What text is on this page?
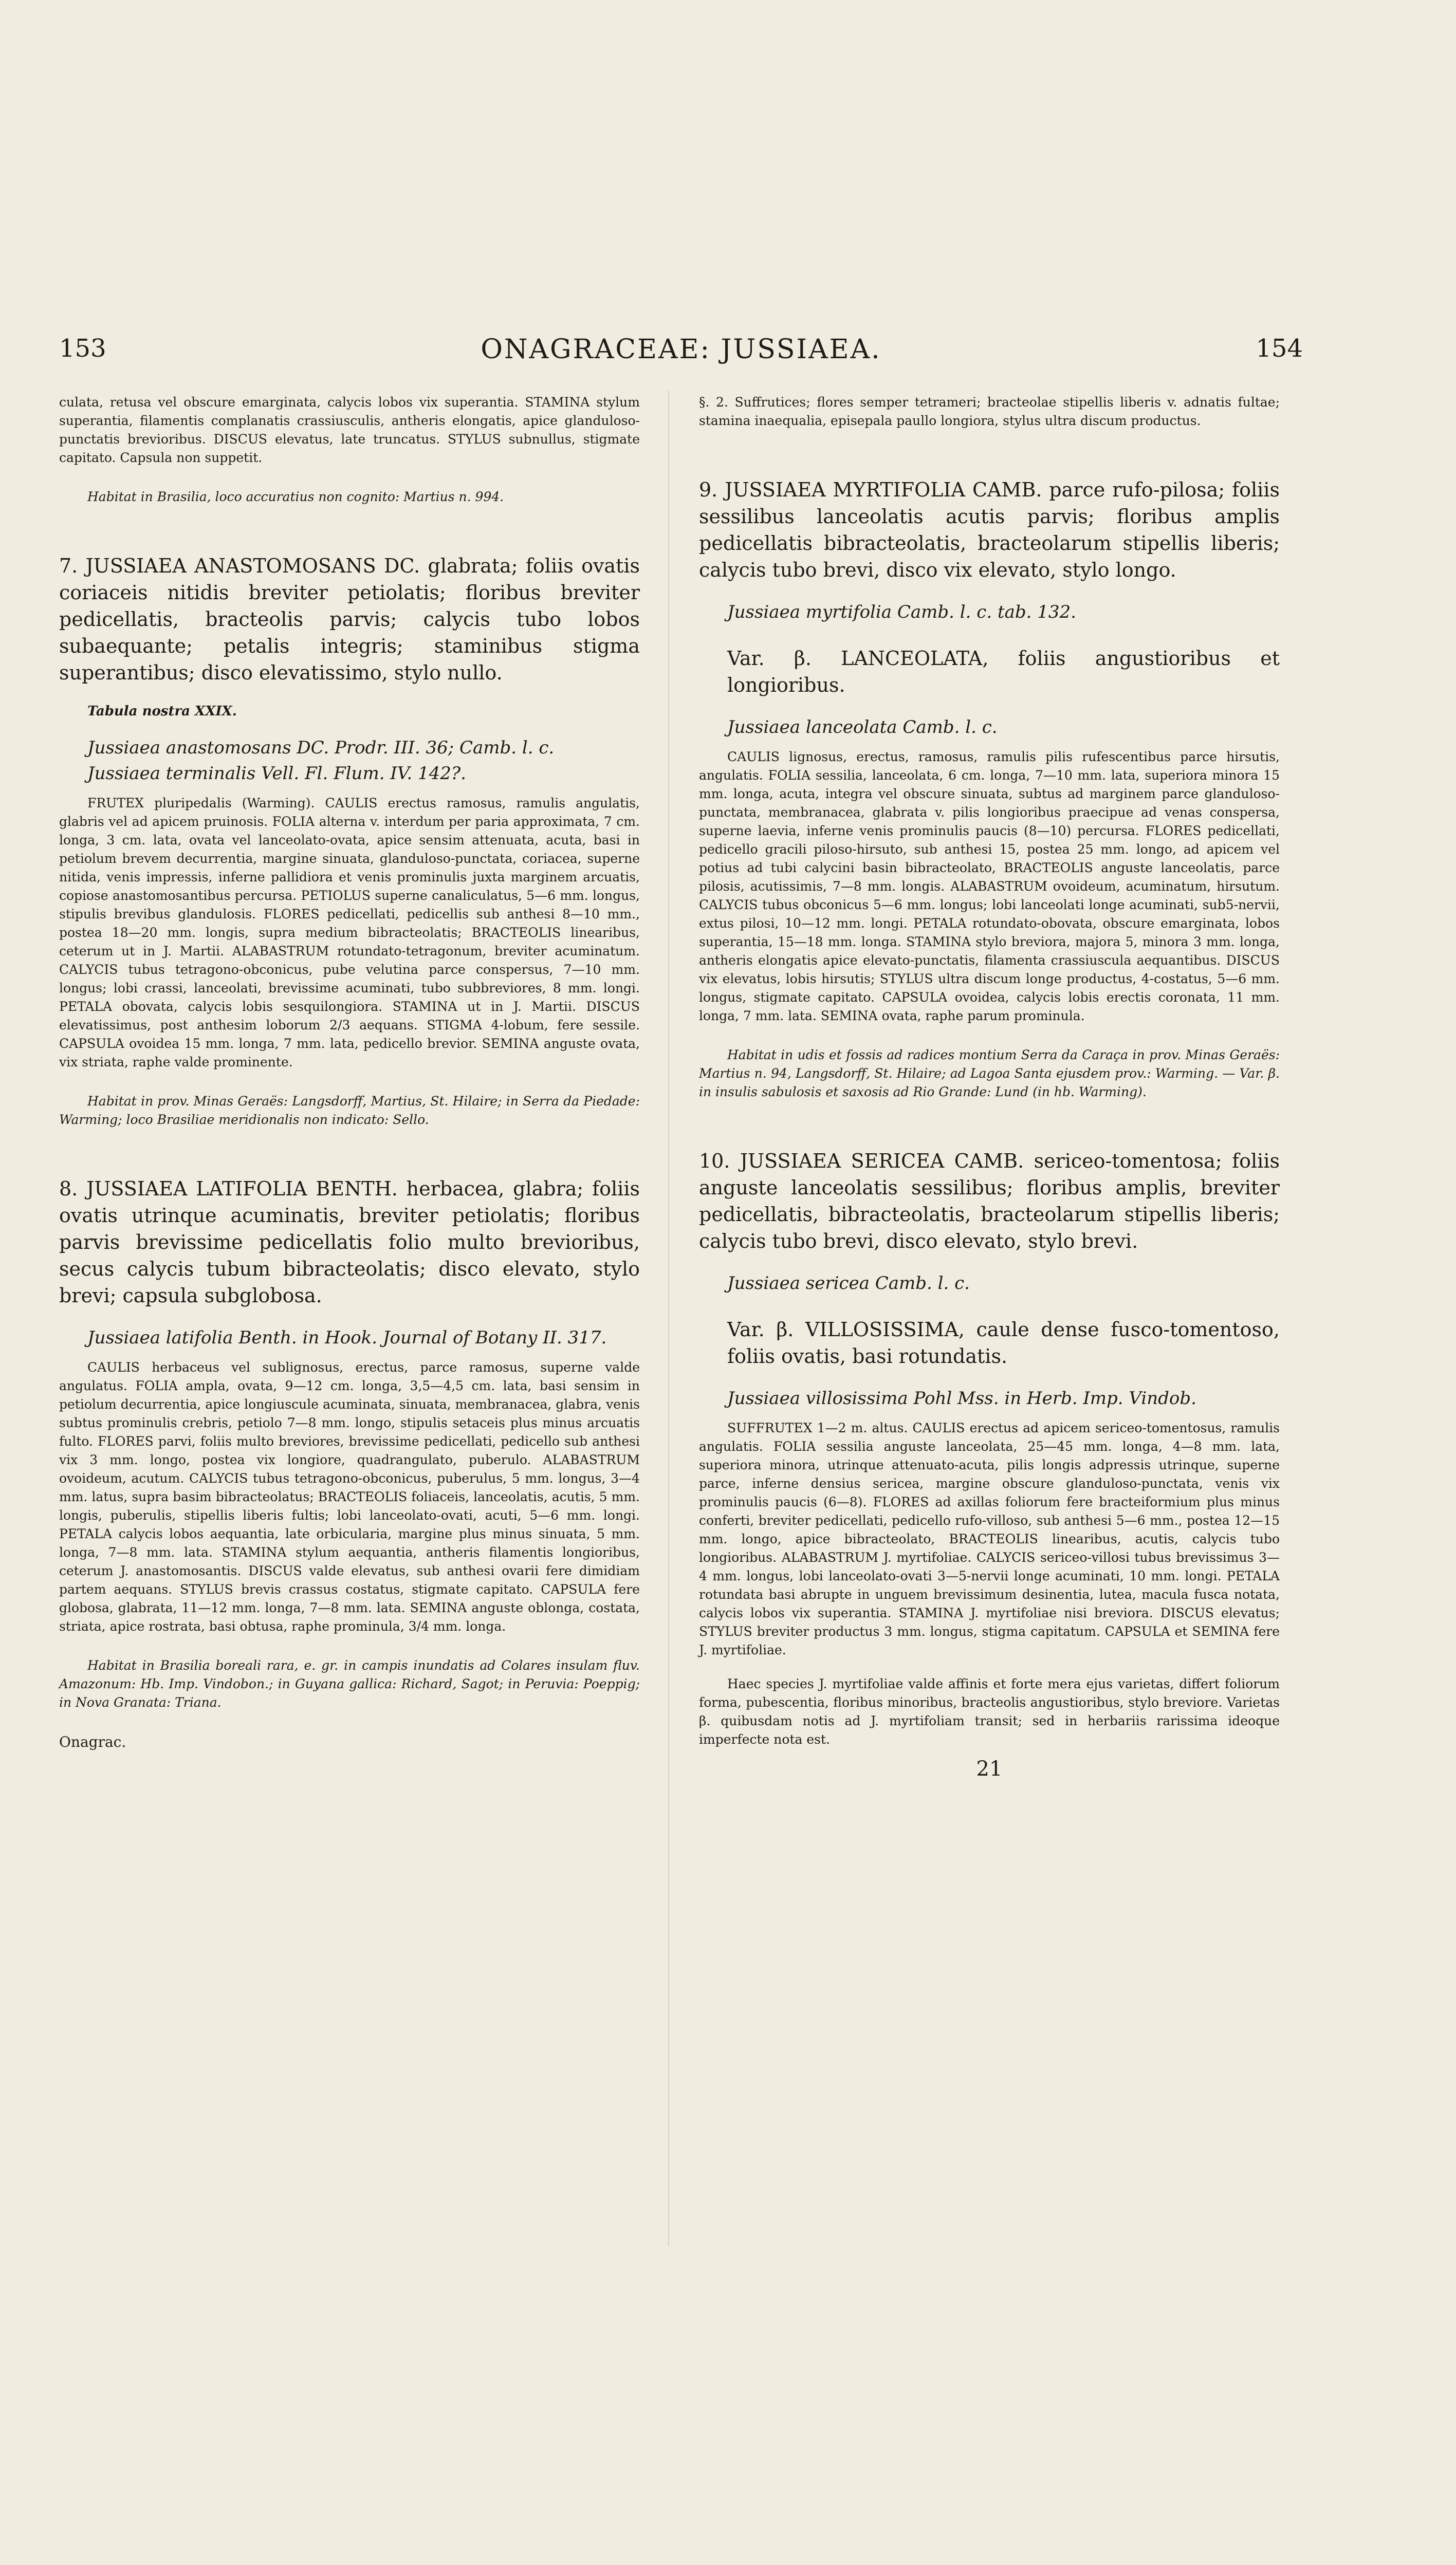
153	ONAGRACEAE: JUSSIAEA.	154

culata, retusa vel obscure emarginata, calycis lobos vix superantia. STAMINA stylum superantia, filamentis complanatis crassiusculis, antheris elongatis, apice glanduloso-punctatis brevioribus. DISCUS elevatus, late truncatus. STYLUS subnullus, stigmate capitato. Capsula non suppetit.

Habitat in Brasilia, loco accuratius non cognito: Martius n. 994.

7. JUSSIAEA ANASTOMOSANS DC. glabrata; foliis ovatis coriaceis nitidis breviter petiolatis; floribus breviter pedicellatis, bracteolis parvis; calycis tubo lobos subaequante; petalis integris; staminibus stigma superantibus; disco elevatissimo, stylo nullo.

Tabula nostra XXIX.

Jussiaea anastomosans DC. Prodr. III. 36; Camb. l. c.

Jussiaea terminalis Vell. Fl. Flum. IV. 142?.

FRUTEX pluripedalis (Warming). CAULIS erectus ramosus, ramulis angulatis, glabris vel ad apicem pruinosis. FOLIA alterna v. interdum per paria approximata, 7 cm. longa, 3 cm. lata, ovata vel lanceolato-ovata, apice sensim attenuata, acuta, basi in petiolum brevem decurrentia, margine sinuata, glanduloso-punctata, coriacea, superne nitida, venis impressis, inferne pallidiora et venis prominulis juxta marginem arcuatis, copiose anastomosantibus percursa. PETIOLUS superne canaliculatus, 5—6 mm. longus, stipulis brevibus glandulosis. FLORES pedicellati, pedicellis sub anthesi 8—10 mm., postea 18—20 mm. longis, supra medium bibracteolatis; BRACTEOLIS linearibus, ceterum ut in J. Martii. ALABASTRUM rotundato-tetragonum, breviter acuminatum. CALYCIS tubus tetragono-obconicus, pube velutina parce conspersus, 7—10 mm. longus; lobi crassi, lanceolati, brevissime acuminati, tubo subbreviores, 8 mm. longi. PETALA obovata, calycis lobis sesquilongiora. STAMINA ut in J. Martii. DISCUS elevatissimus, post anthesim loborum 2/3 aequans. STIGMA 4-lobum, fere sessile. CAPSULA ovoidea 15 mm. longa, 7 mm. lata, pedicello brevior. SEMINA anguste ovata, vix striata, raphe valde prominente.

Habitat in prov. Minas Geraës: Langsdorff, Martius, St. Hilaire; in Serra da Piedade: Warming; loco Brasiliae meridionalis non indicato: Sello.

8. JUSSIAEA LATIFOLIA BENTH. herbacea, glabra; foliis ovatis utrinque acuminatis, breviter petiolatis; floribus parvis brevissime pedicellatis folio multo brevioribus, secus calycis tubum bibracteolatis; disco elevato, stylo brevi; capsula subglobosa.

Jussiaea latifolia Benth. in Hook. Journal of Botany II. 317.

CAULIS herbaceus vel sublignosus, erectus, parce ramosus, superne valde angulatus. FOLIA ampla, ovata, 9—12 cm. longa, 3,5—4,5 cm. lata, basi sensim in petiolum decurrentia, apice longiuscule acuminata, sinuata, membranacea, glabra, venis subtus prominulis crebris, petiolo 7—8 mm. longo, stipulis setaceis plus minus arcuatis fulto. FLORES parvi, foliis multo breviores, brevissime pedicellati, pedicello sub anthesi vix 3 mm. longo, postea vix longiore, quadrangulato, puberulo. ALABASTRUM ovoideum, acutum. CALYCIS tubus tetragono-obconicus, puberulus, 5 mm. longus, 3—4 mm. latus, supra basim bibracteolatus; BRACTEOLIS foliaceis, lanceolatis, acutis, 5 mm. longis, puberulis, stipellis liberis fultis; lobi lanceolato-ovati, acuti, 5—6 mm. longi. PETALA calycis lobos aequantia, late orbicularia, margine plus minus sinuata, 5 mm. longa, 7—8 mm. lata. STAMINA stylum aequantia, antheris filamentis longioribus, ceterum J. anastomosantis. DISCUS valde elevatus, sub anthesi ovarii fere dimidiam partem aequans. STYLUS brevis crassus costatus, stigmate capitato. CAPSULA fere globosa, glabrata, 11—12 mm. longa, 7—8 mm. lata. SEMINA anguste oblonga, costata, striata, apice rostrata, basi obtusa, raphe prominula, 3/4 mm. longa.

Habitat in Brasilia boreali rara, e. gr. in campis inundatis ad Colares insulam fluv. Amazonum: Hb. Imp. Vindobon.; in Guyana gallica: Richard, Sagot; in Peruvia: Poeppig; in Nova Granata: Triana.

Onagrac.

§. 2. Suffrutices; flores semper tetrameri; bracteolae stipellis liberis v. adnatis fultae; stamina inaequalia, episepala paullo longiora, stylus ultra discum productus.

9. JUSSIAEA MYRTIFOLIA CAMB. parce rufo-pilosa; foliis sessilibus lanceolatis acutis parvis; floribus amplis pedicellatis bibracteolatis, bracteolarum stipellis liberis; calycis tubo brevi, disco vix elevato, stylo longo.

Jussiaea myrtifolia Camb. l. c. tab. 132.

Var. β. LANCEOLATA, foliis angustioribus et longioribus.

Jussiaea lanceolata Camb. l. c.

CAULIS lignosus, erectus, ramosus, ramulis pilis rufescentibus parce hirsutis, angulatis. FOLIA sessilia, lanceolata, 6 cm. longa, 7—10 mm. lata, superiora minora 15 mm. longa, acuta, integra vel obscure sinuata, subtus ad marginem parce glanduloso-punctata, membranacea, glabrata v. pilis longioribus praecipue ad venas conspersa, superne laevia, inferne venis prominulis paucis (8—10) percursa. FLORES pedicellati, pedicello gracili piloso-hirsuto, sub anthesi 15, postea 25 mm. longo, ad apicem vel potius ad tubi calycini basin bibracteolato, BRACTEOLIS anguste lanceolatis, parce pilosis, acutissimis, 7—8 mm. longis. ALABASTRUM ovoideum, acuminatum, hirsutum. CALYCIS tubus obconicus 5—6 mm. longus; lobi lanceolati longe acuminati, sub5-nervii, extus pilosi, 10—12 mm. longi. PETALA rotundato-obovata, obscure emarginata, lobos superantia, 15—18 mm. longa. STAMINA stylo breviora, majora 5, minora 3 mm. longa, antheris elongatis apice elevato-punctatis, filamenta crassiuscula aequantibus. DISCUS vix elevatus, lobis hirsutis; STYLUS ultra discum longe productus, 4-costatus, 5—6 mm. longus, stigmate capitato. CAPSULA ovoidea, calycis lobis erectis coronata, 11 mm. longa, 7 mm. lata. SEMINA ovata, raphe parum prominula.

Habitat in udis et fossis ad radices montium Serra da Caraça in prov. Minas Geraës: Martius n. 94, Langsdorff, St. Hilaire; ad Lagoa Santa ejusdem prov.: Warming. — Var. β. in insulis sabulosis et saxosis ad Rio Grande: Lund (in hb. Warming).

10. JUSSIAEA SERICEA CAMB. sericeo-tomentosa; foliis anguste lanceolatis sessilibus; floribus amplis, breviter pedicellatis, bibracteolatis, bracteolarum stipellis liberis; calycis tubo brevi, disco elevato, stylo brevi.

Jussiaea sericea Camb. l. c.

Var. β. VILLOSISSIMA, caule dense fusco-tomentoso, foliis ovatis, basi rotundatis.

Jussiaea villosissima Pohl Mss. in Herb. Imp. Vindob.

SUFFRUTEX 1—2 m. altus. CAULIS erectus ad apicem sericeo-tomentosus, ramulis angulatis. FOLIA sessilia anguste lanceolata, 25—45 mm. longa, 4—8 mm. lata, superiora minora, utrinque attenuato-acuta, pilis longis adpressis utrinque, superne parce, inferne densius sericea, margine obscure glanduloso-punctata, venis vix prominulis paucis (6—8). FLORES ad axillas foliorum fere bracteiformium plus minus conferti, breviter pedicellati, pedicello rufo-villoso, sub anthesi 5—6 mm., postea 12—15 mm. longo, apice bibracteolato, BRACTEOLIS linearibus, acutis, calycis tubo longioribus. ALABASTRUM J. myrtifoliae. CALYCIS sericeo-villosi tubus brevissimus 3—4 mm. longus, lobi lanceolato-ovati 3—5-nervii longe acuminati, 10 mm. longi. PETALA rotundata basi abrupte in unguem brevissimum desinentia, lutea, macula fusca notata, calycis lobos vix superantia. STAMINA J. myrtifoliae nisi breviora. DISCUS elevatus; STYLUS breviter productus 3 mm. longus, stigma capitatum. CAPSULA et SEMINA fere J. myrtifoliae.

Haec species J. myrtifoliae valde affinis et forte mera ejus varietas, differt foliorum forma, pubescentia, floribus minoribus, bracteolis angustioribus, stylo breviore. Varietas β. quibusdam notis ad J. myrtifoliam transit; sed in herbariis rarissima ideoque imperfecte nota est.

21
